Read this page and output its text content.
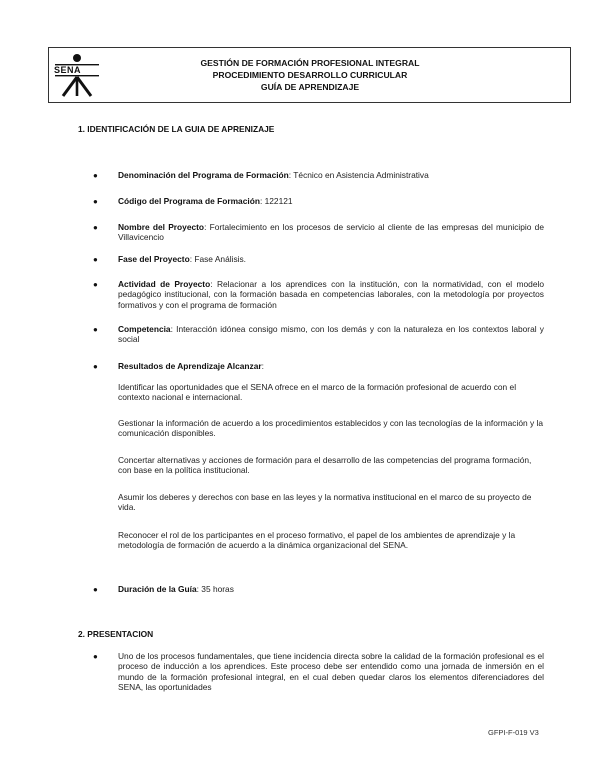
SENA
GESTIÓN DE FORMACIÓN PROFESIONAL INTEGRAL
PROCEDIMIENTO DESARROLLO CURRICULAR
GUÍA DE APRENDIZAJE
1. IDENTIFICACIÓN DE LA GUIA DE APRENIZAJE
● Denominación del Programa de Formación: Técnico en Asistencia Administrativa
● Código del Programa de Formación: 122121
● Nombre del Proyecto: Fortalecimiento en los procesos de servicio al cliente de las empresas del municipio de Villavicencio
● Fase del Proyecto: Fase Análisis.
● Actividad de Proyecto: Relacionar a los aprendices con la institución, con la normatividad, con el modelo pedagógico institucional, con la formación basada en competencias laborales, con la metodología por proyectos formativos y con el programa de formación
● Competencia: Interacción idónea consigo mismo, con los demás y con la naturaleza en los contextos laboral y social
● Resultados de Aprendizaje Alcanzar:
Identificar las oportunidades que el SENA ofrece en el marco de la formación profesional de acuerdo con el contexto nacional e internacional.
Gestionar la información de acuerdo a los procedimientos establecidos y con las tecnologías de la información y la comunicación disponibles.
Concertar alternativas y acciones de formación para el desarrollo de las competencias del programa formación, con base en la política institucional.
Asumir los deberes y derechos con base en las leyes y la normativa institucional en el marco de su proyecto de vida.
Reconocer el rol de los participantes en el proceso formativo, el papel de los ambientes de aprendizaje y la metodología de formación de acuerdo a la dinámica organizacional del SENA.
● Duración de la Guía: 35 horas
2. PRESENTACION
● Uno de los procesos fundamentales, que tiene incidencia directa sobre la calidad de la formación profesional es el proceso de inducción a los aprendices. Este proceso debe ser entendido como una jornada de inmersión en el mundo de la formación profesional integral, en el cual deben quedar claros los elementos diferenciadores del SENA, las oportunidades
GFPI-F-019 V3
